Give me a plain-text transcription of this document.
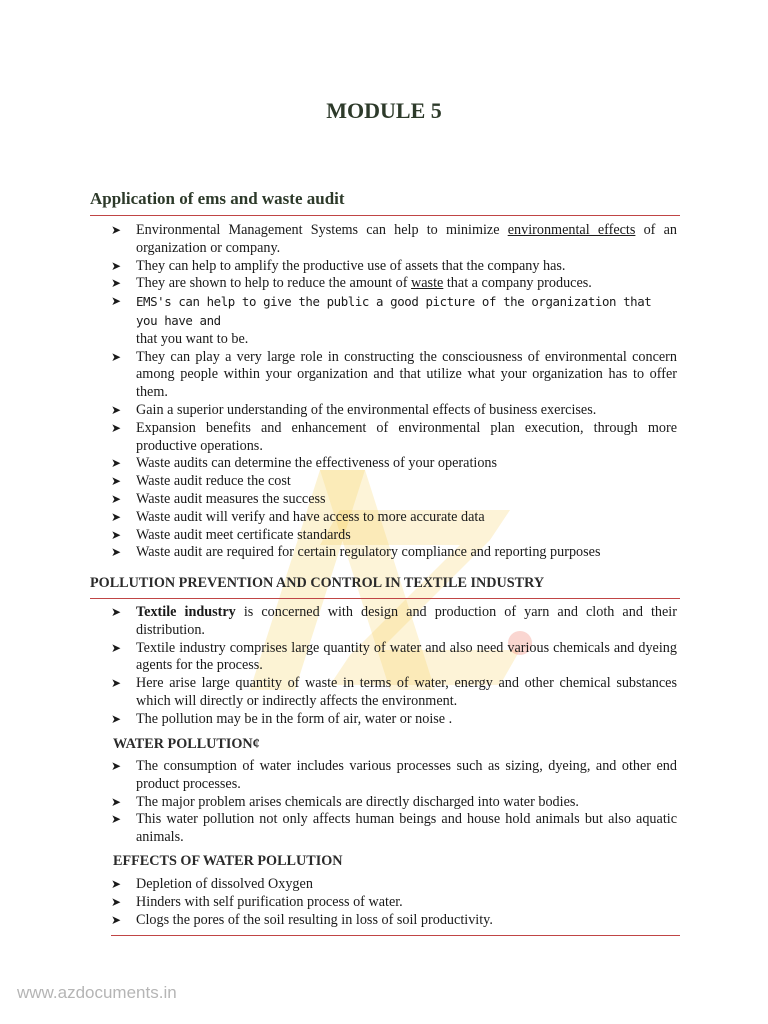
MODULE 5
Application of ems and waste audit
➤ Environmental Management Systems can help to minimize environmental effects of an organization or company.
➤ They can help to amplify the productive use of assets that the company has.
➤ They are shown to help to reduce the amount of waste that a company produces.
➤ EMS's can help to give the public a good picture of the organization that you have and
that you want to be.
➤ They can play a very large role in constructing the consciousness of environmental concern among people within your organization and that utilize what your organization has to offer them.
➤ Gain a superior understanding of the environmental effects of business exercises.
➤ Expansion benefits and enhancement of environmental plan execution, through more productive operations.
➤ Waste audits can determine the effectiveness of your operations
➤ Waste audit reduce the cost
➤ Waste audit measures the success
➤ Waste audit will verify and have access to more accurate data
➤ Waste audit meet certificate standards
➤ Waste audit are required for certain regulatory compliance and reporting purposes
POLLUTION PREVENTION AND CONTROL IN TEXTILE INDUSTRY
➤ Textile industry is concerned with design and production of yarn and cloth and their distribution.
➤ Textile industry comprises large quantity of water and also need various chemicals and dyeing agents for the process.
➤ Here arise large quantity of waste in terms of water, energy and other chemical substances which will directly or indirectly affects the environment.
➤ The pollution may be in the form of air, water or noise .
WATER POLLUTION¢
➤ The consumption of water includes various processes such as sizing, dyeing, and other end product processes.
➤ The major problem arises chemicals are directly discharged into water bodies.
➤ This water pollution not only affects human beings and house hold animals but also aquatic animals.
EFFECTS OF WATER POLLUTION
➤ Depletion of dissolved Oxygen
➤ Hinders with self purification process of water.
➤ Clogs the pores of the soil resulting in loss of soil productivity.
www.azdocuments.in
